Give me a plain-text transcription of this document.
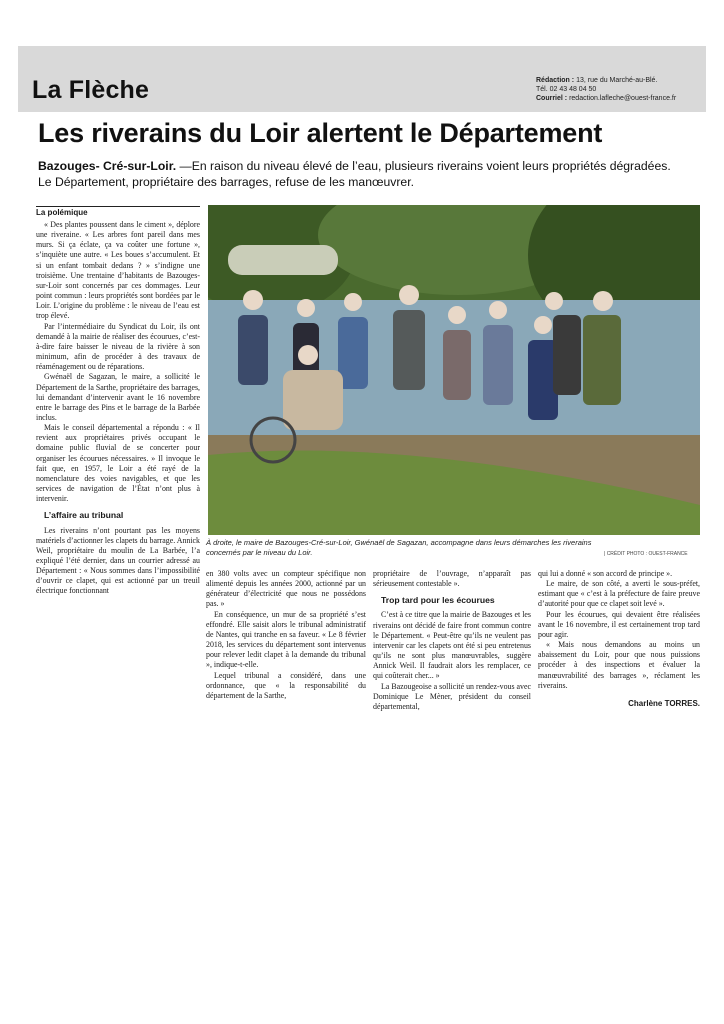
La Flèche	Rédaction : 13, rue du Marché-au-Blé.
Tél. 02 43 48 04 50
Courriel : redaction.lafleche@ouest-france.fr
Les riverains du Loir alertent le Département
Bazouges- Cré-sur-Loir. —En raison du niveau élevé de l’eau, plusieurs riverains voient leurs propriétés dégradées. Le Département, propriétaire des barrages, refuse de les manœuvrer.
La polémique

« Des plantes poussent dans le ciment », déplore une riveraine. « Les arbres font pareil dans mes murs. Si ça éclate, ça va coûter une fortune », s’inquiète une autre. « Les boues s’accumulent. Et si un enfant tombait dedans ? » s’indigne une troisième. Une trentaine d’habitants de Bazouges-sur-Loir sont concernés par ces dommages. Leur point commun : leurs propriétés sont bordées par le Loir. L’origine du problème : le niveau de l’eau est trop élevé.

Par l’intermédiaire du Syndicat du Loir, ils ont demandé à la mairie de réaliser des écourues, c’est-à-dire faire baisser le niveau de la rivière à son minimum, afin de procéder à des travaux de réaménagement ou de réparations.

Gwénaël de Sagazan, le maire, a sollicité le Département de la Sarthe, propriétaire des barrages, lui demandant d’intervenir avant le 16 novembre entre le barrage des Pins et le barrage de la Barbée inclus.

Mais le conseil départemental a répondu : « Il revient aux propriétaires privés occupant le domaine public fluvial de se concerter pour organiser les écourues nécessaires. » Il invoque le fait que, en 1957, le Loir a été rayé de la nomenclature des voies navigables, et que les services de navigation de l’État n’ont plus à intervenir.

L’affaire au tribunal

Les riverains n’ont pourtant pas les moyens matériels d’actionner les clapets du barrage. Annick Weil, propriétaire du moulin de La Barbée, l’a expliqué l’été dernier, dans un courrier adressé au Département : « Nous sommes dans l’impossibilité d’ouvrir ce clapet, qui est actionné par un treuil électrique fonctionnant

À droite, le maire de Bazouges-Cré-sur-Loir, Gwénaël de Sagazan, accompagne dans leurs démarches les riverains concernés par le niveau du Loir.	| CRÉDIT PHOTO : OUEST-FRANCE

en 380 volts avec un compteur spécifique non alimenté depuis les années 2000, actionné par un générateur d’électricité que nous ne possédons pas. »

En conséquence, un mur de sa propriété s’est effondré. Elle saisit alors le tribunal administratif de Nantes, qui tranche en sa faveur. « Le 8 février 2018, les services du département sont intervenus pour relever ledit clapet à la demande du tribunal », indique-t-elle.

Lequel tribunal a considéré, dans une ordonnance, que « la responsabilité du département de la Sarthe,

propriétaire de l’ouvrage, n’apparaît pas sérieusement contestable ».

Trop tard pour les écourues

C’est à ce titre que la mairie de Bazouges et les riverains ont décidé de faire front commun contre le Département. « Peut-être qu’ils ne veulent pas intervenir car les clapets ont été si peu entretenus qu’ils ne sont plus manœuvrables, suggère Annick Weil. Il faudrait alors les remplacer, ce qui coûterait cher... »

La Bazougeoise a sollicité un rendez-vous avec Dominique Le Mèner, président du conseil départemental,

qui lui a donné « son accord de principe ».

Le maire, de son côté, a averti le sous-préfet, estimant que « c’est à la préfecture de faire preuve d’autorité pour que ce clapet soit levé ».

Pour les écourues, qui devaient être réalisées avant le 16 novembre, il est certainement trop tard pour agir.

« Mais nous demandons au moins un abaissement du Loir, pour que nous puissions procéder à des inspections et évaluer la manœuvrabilité des barrages », réclament les riverains.

Charlène TORRES.
